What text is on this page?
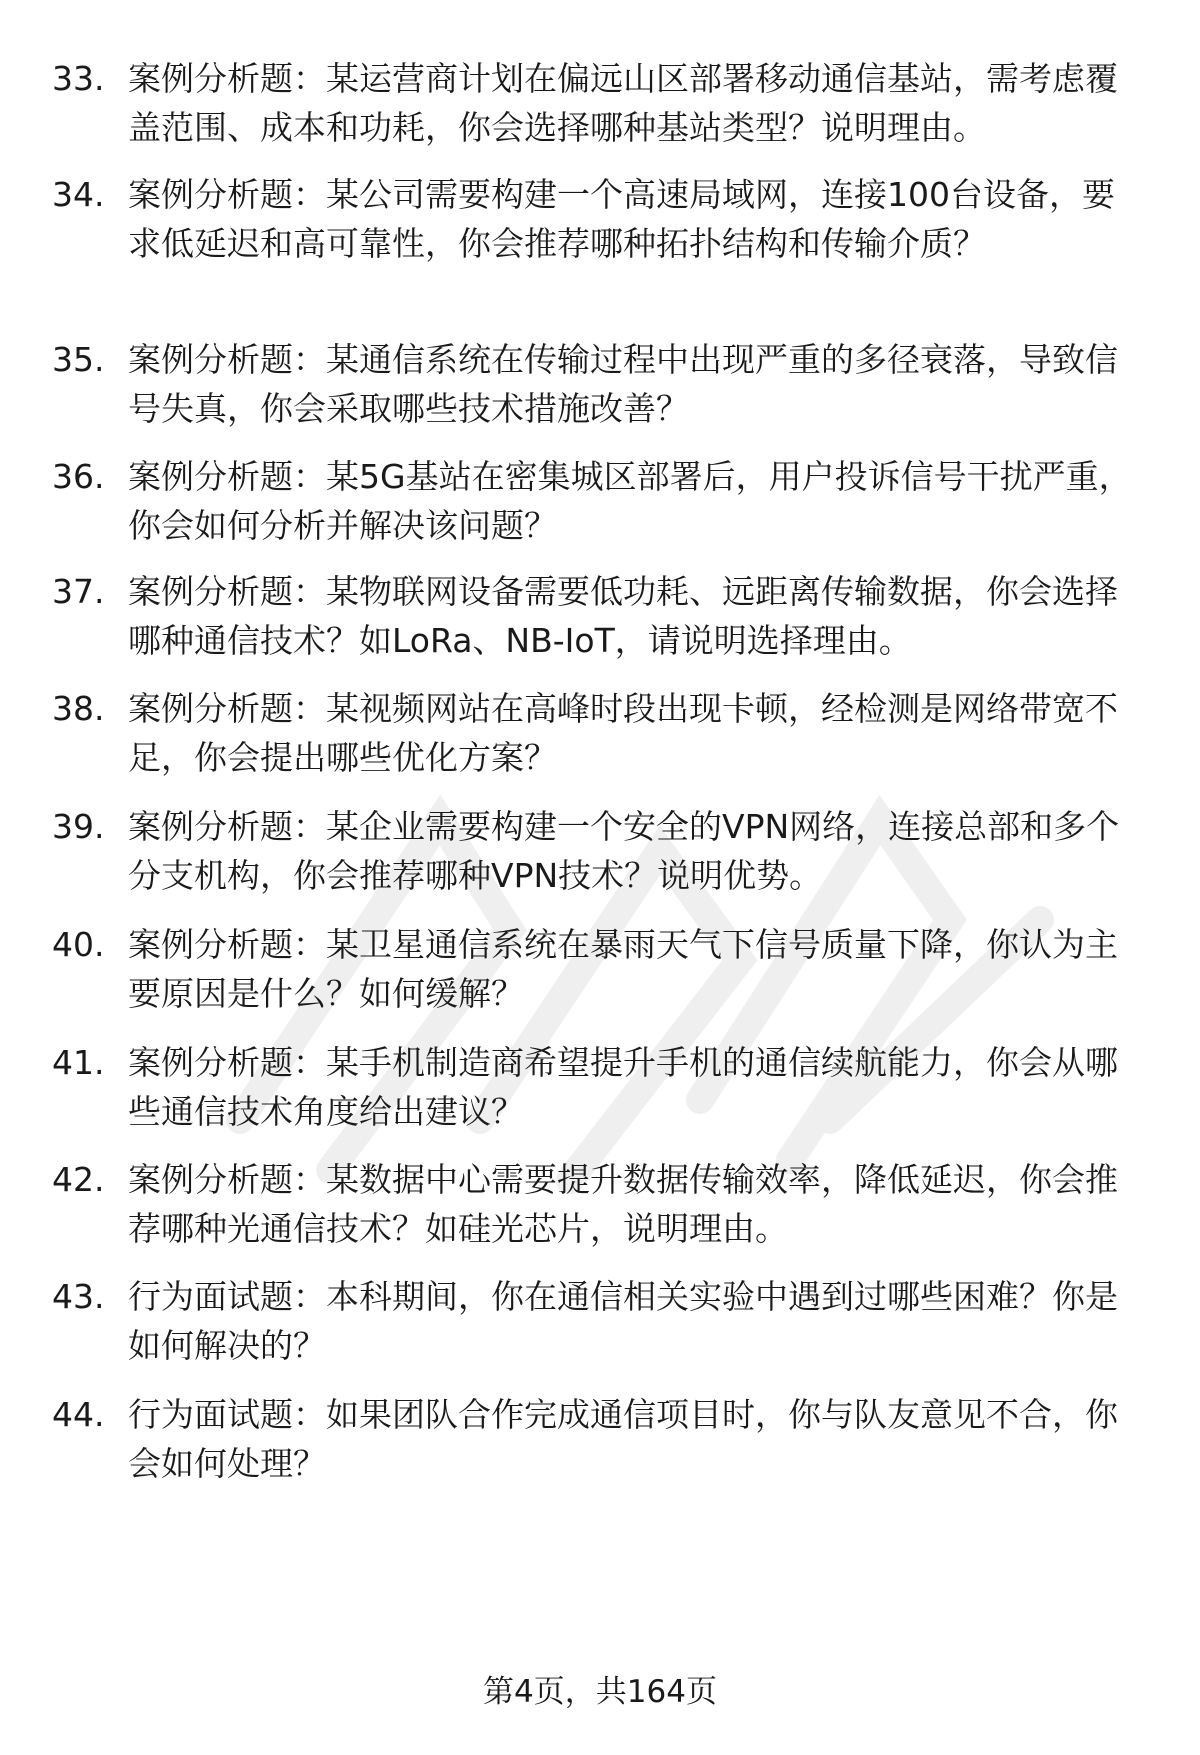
33. 案例分析题：某运营商计划在偏远山区部署移动通信基站，需考虑覆盖范围、成本和功耗，你会选择哪种基站类型？说明理由。
34. 案例分析题：某公司需要构建一个高速局域网，连接100台设备，要求低延迟和高可靠性，你会推荐哪种拓扑结构和传输介质？
35. 案例分析题：某通信系统在传输过程中出现严重的多径衰落，导致信号失真，你会采取哪些技术措施改善？
36. 案例分析题：某5G基站在密集城区部署后，用户投诉信号干扰严重，你会如何分析并解决该问题？
37. 案例分析题：某物联网设备需要低功耗、远距离传输数据，你会选择哪种通信技术？如LoRa、NB-IoT，请说明选择理由。
38. 案例分析题：某视频网站在高峰时段出现卡顿，经检测是网络带宽不足，你会提出哪些优化方案？
39. 案例分析题：某企业需要构建一个安全的VPN网络，连接总部和多个分支机构，你会推荐哪种VPN技术？说明优势。
40. 案例分析题：某卫星通信系统在暴雨天气下信号质量下降，你认为主要原因是什么？如何缓解？
41. 案例分析题：某手机制造商希望提升手机的通信续航能力，你会从哪些通信技术角度给出建议？
42. 案例分析题：某数据中心需要提升数据传输效率，降低延迟，你会推荐哪种光通信技术？如硅光芯片，说明理由。
43. 行为面试题：本科期间，你在通信相关实验中遇到过哪些困难？你是如何解决的？
44. 行为面试题：如果团队合作完成通信项目时，你与队友意见不合，你会如何处理？
第4页，共164页
